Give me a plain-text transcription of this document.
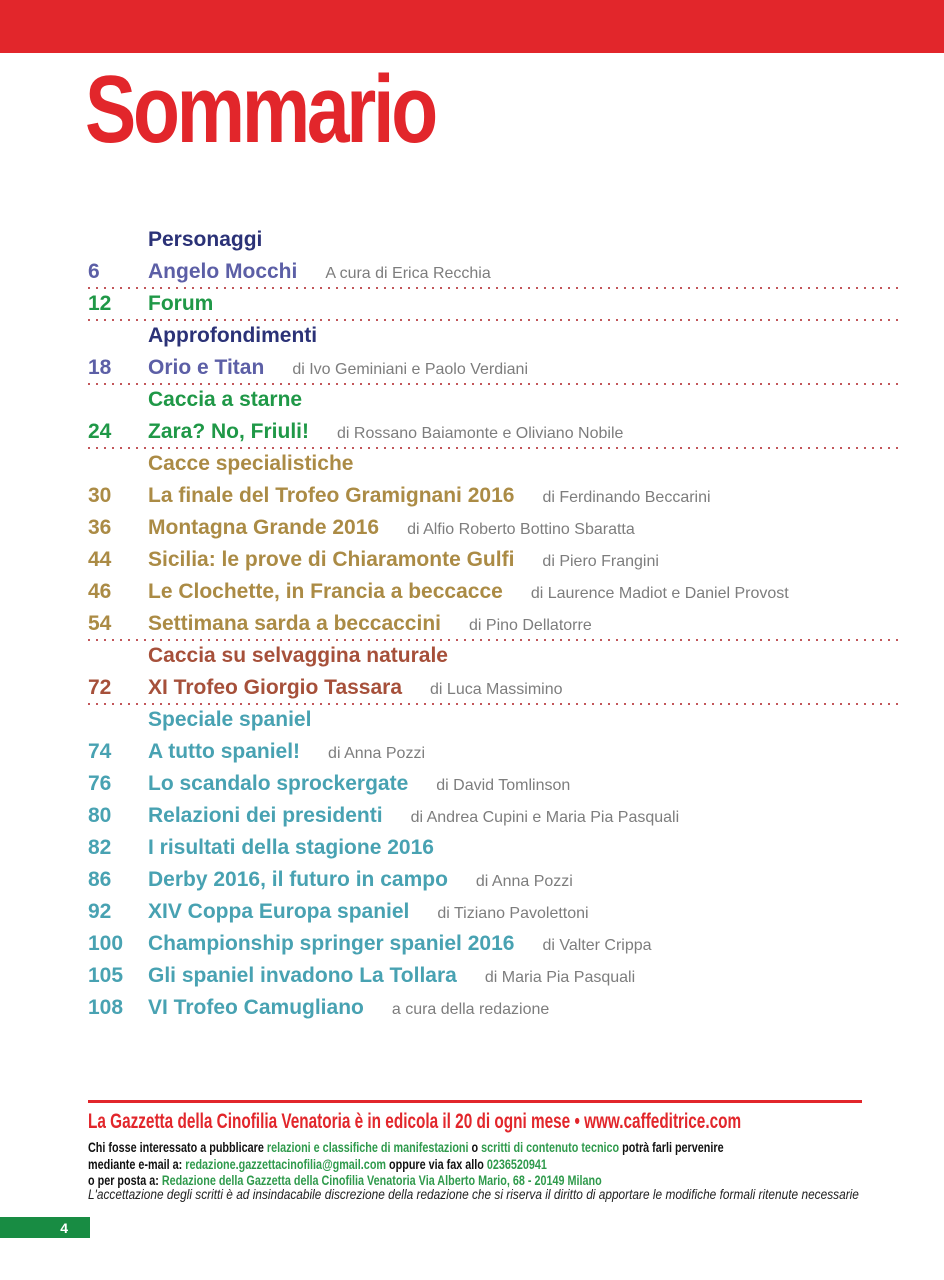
Sommario
Personaggi
6	Angelo Mocchi A cura di Erica Recchia
12	Forum
Approfondimenti
18	Orio e Titan di Ivo Geminiani e Paolo Verdiani
Caccia a starne
24	Zara? No, Friuli! di Rossano Baiamonte e Oliviano Nobile
Cacce specialistiche
30	La finale del Trofeo Gramignani 2016 di Ferdinando Beccarini
36	Montagna Grande 2016 di Alfio Roberto Bottino Sbaratta
44	Sicilia: le prove di Chiaramonte Gulfi di Piero Frangini
46	Le Clochette, in Francia a beccacce di Laurence Madiot e Daniel Provost
54	Settimana sarda a beccaccini di Pino Dellatorre
Caccia su selvaggina naturale
72	XI Trofeo Giorgio Tassara di Luca Massimino
Speciale spaniel
74	A tutto spaniel! di Anna Pozzi
76	Lo scandalo sprockergate di David Tomlinson
80	Relazioni dei presidenti di Andrea Cupini e Maria Pia Pasquali
82	I risultati della stagione 2016
86	Derby 2016, il futuro in campo di Anna Pozzi
92	XIV Coppa Europa spaniel di Tiziano Pavolettoni
100	Championship springer spaniel 2016 di Valter Crippa
105	Gli spaniel invadono La Tollara di Maria Pia Pasquali
108	VI Trofeo Camugliano a cura della redazione
La Gazzetta della Cinofilia Venatoria è in edicola il 20 di ogni mese • www.caffeditrice.com
Chi fosse interessato a pubblicare relazioni e classifiche di manifestazioni o scritti di contenuto tecnico potrà farli pervenire
mediante e-mail a: redazione.gazzettacinofilia@gmail.com oppure via fax allo 0236520941
o per posta a: Redazione della Gazzetta della Cinofilia Venatoria Via Alberto Mario, 68 - 20149 Milano
L'accettazione degli scritti è ad insindacabile discrezione della redazione che si riserva il diritto di apportare le modifiche formali ritenute necessarie
4
